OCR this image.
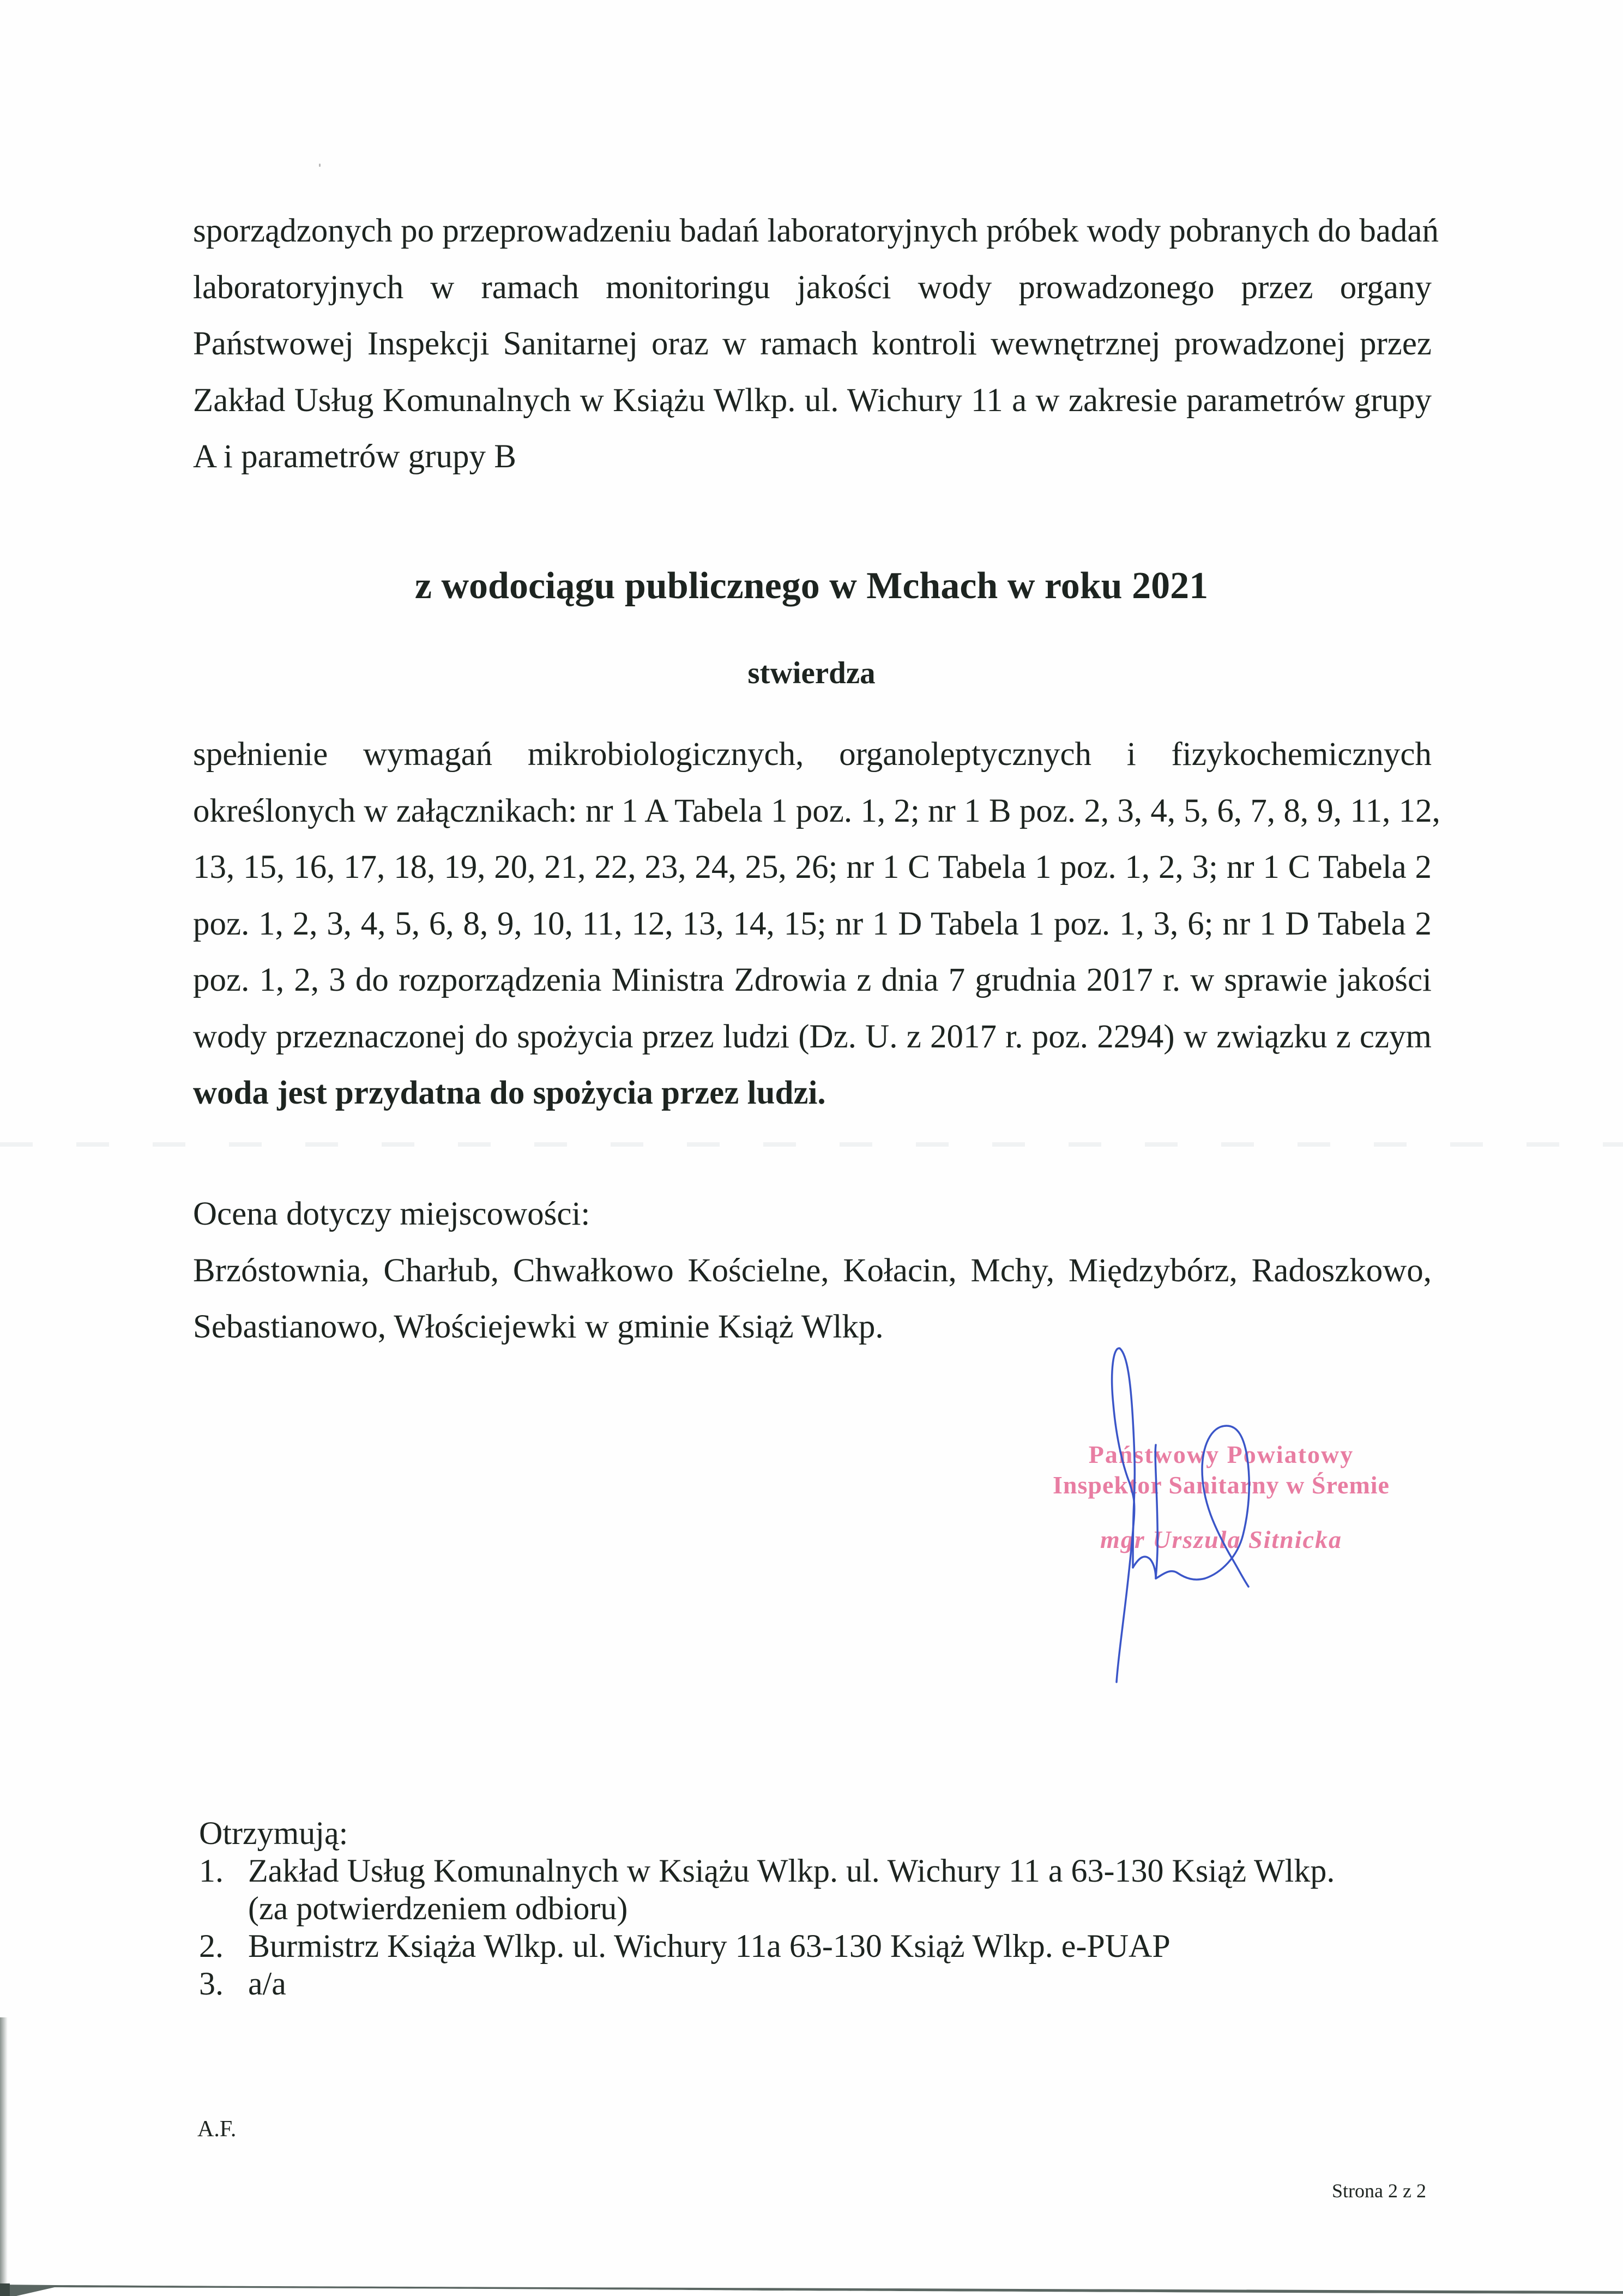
sporządzonych po przeprowadzeniu badań laboratoryjnych próbek wody pobranych do badań
laboratoryjnych w ramach monitoringu jakości wody prowadzonego przez organy
Państwowej Inspekcji Sanitarnej oraz w ramach kontroli wewnętrznej prowadzonej przez
Zakład Usług Komunalnych w Książu Wlkp. ul. Wichury 11 a w zakresie parametrów grupy
A i parametrów grupy B
z wodociągu publicznego w Mchach w roku 2021
stwierdza
spełnienie wymagań mikrobiologicznych, organoleptycznych i fizykochemicznych
określonych w załącznikach: nr 1 A Tabela 1 poz. 1, 2; nr 1 B poz. 2, 3, 4, 5, 6, 7, 8, 9, 11, 12,
13, 15, 16, 17, 18, 19, 20, 21, 22, 23, 24, 25, 26; nr 1 C Tabela 1 poz. 1, 2, 3; nr 1 C Tabela 2
poz. 1, 2, 3, 4, 5, 6, 8, 9, 10, 11, 12, 13, 14, 15; nr 1 D Tabela 1 poz. 1, 3, 6; nr 1 D Tabela 2
poz. 1, 2, 3 do rozporządzenia Ministra Zdrowia z dnia 7 grudnia 2017 r. w sprawie jakości
wody przeznaczonej do spożycia przez ludzi (Dz. U. z 2017 r. poz. 2294) w związku z czym
woda jest przydatna do spożycia przez ludzi.
Ocena dotyczy miejscowości:
Brzóstownia, Charłub, Chwałkowo Kościelne, Kołacin, Mchy, Międzybórz, Radoszkowo,
Sebastianowo, Włościejewki w gminie Książ Wlkp.
Państwowy Powiatowy
Inspektor Sanitarny w Śremie
mgr Urszula Sitnicka
Otrzymują:
1. Zakład Usług Komunalnych w Książu Wlkp. ul. Wichury 11 a 63-130 Książ Wlkp.
(za potwierdzeniem odbioru)
2. Burmistrz Książa Wlkp. ul. Wichury 11a 63-130 Książ Wlkp. e-PUAP
3. a/a
A.F.
Strona 2 z 2
